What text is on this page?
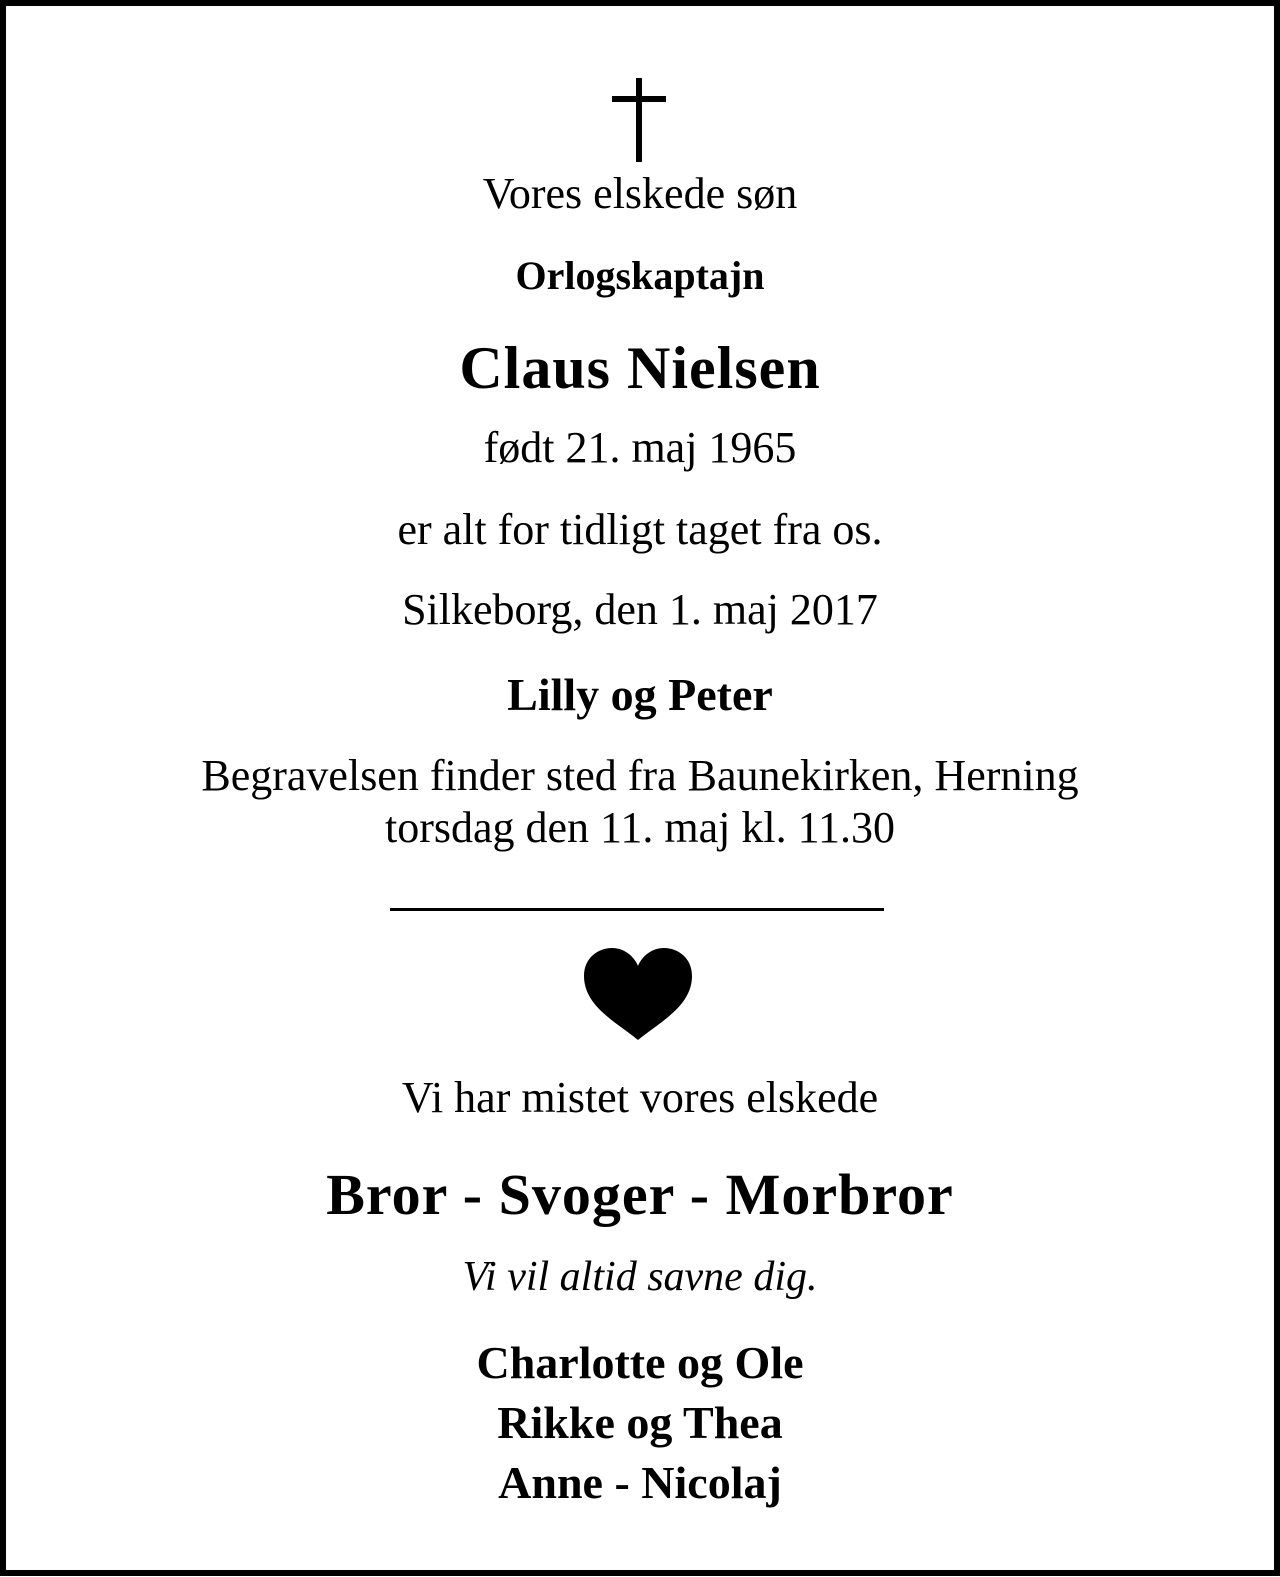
Vores elskede søn
Orlogskaptajn
Claus Nielsen
født 21. maj 1965
er alt for tidligt taget fra os.
Silkeborg, den 1. maj 2017
Lilly og Peter
Begravelsen finder sted fra Baunekirken, Herning
torsdag den 11. maj kl. 11.30
Vi har mistet vores elskede
Bror - Svoger - Morbror
Vi vil altid savne dig.
Charlotte og Ole
Rikke og Thea
Anne - Nicolaj
